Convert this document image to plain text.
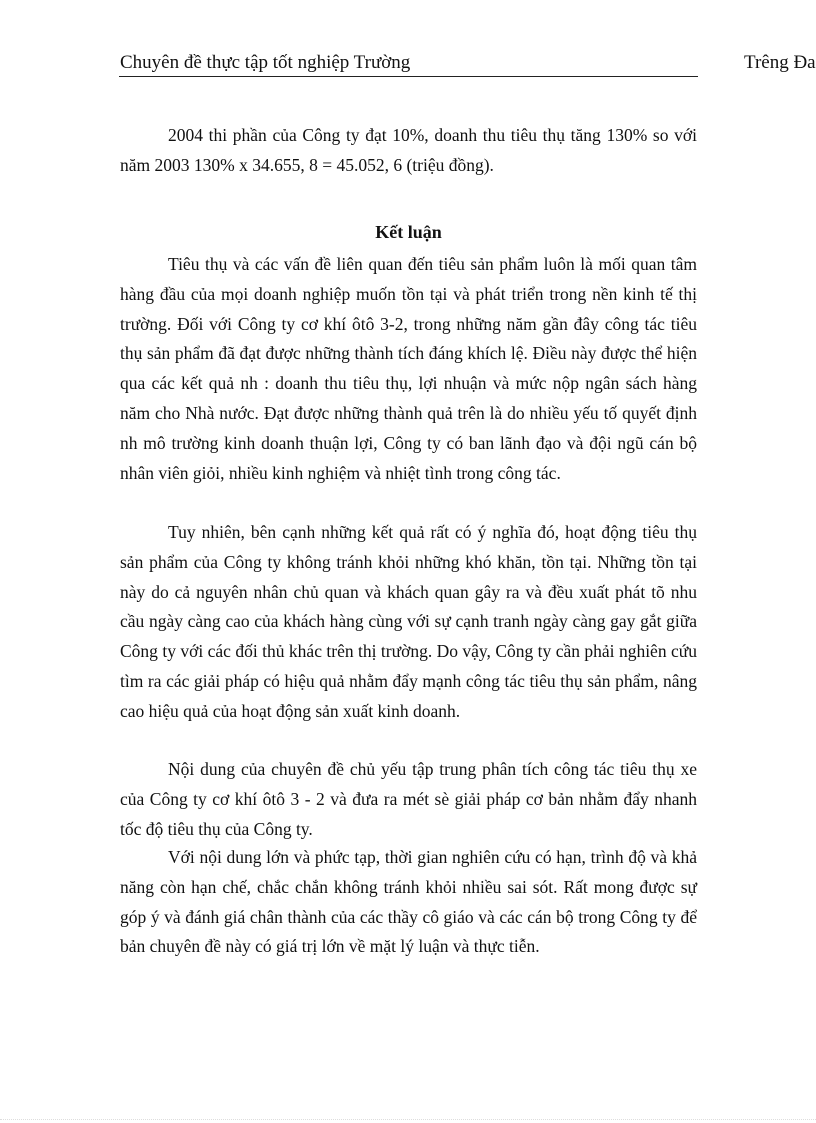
Chuyên đề thực tập tốt nghiệp Trường	Trêng Đa

2004 thi phần của Công ty đạt 10%, doanh thu tiêu thụ tăng 130% so với năm 2003 130% x 34.655, 8 = 45.052, 6 (triệu đồng).

Kết luận

Tiêu thụ và các vấn đề liên quan đến tiêu sản phẩm luôn là mối quan tâm hàng đầu của mọi doanh nghiệp muốn tồn tại và phát triển trong nền kinh tế thị trường. Đối với Công ty cơ khí ôtô 3-2, trong những năm gần đây công tác tiêu thụ sản phẩm đã đạt được những thành tích đáng khích lệ. Điều này được thể hiện qua các kết quả nh : doanh thu tiêu thụ, lợi nhuận và mức nộp ngân sách hàng năm cho Nhà nước. Đạt được những thành quả trên là do nhiều yếu tố quyết định nh mô trường kinh doanh thuận lợi, Công ty có ban lãnh đạo và đội ngũ cán bộ nhân viên giỏi, nhiều kinh nghiệm và nhiệt tình trong công tác.

Tuy nhiên, bên cạnh những kết quả rất có ý nghĩa đó, hoạt động tiêu thụ sản phẩm của Công ty không tránh khỏi những khó khăn, tồn tại. Những tồn tại này do cả nguyên nhân chủ quan và khách quan gây ra và đều xuất phát tõ nhu cầu ngày càng cao của khách hàng cùng với sự cạnh tranh ngày càng gay gắt giữa Công ty với các đối thủ khác trên thị trường. Do vậy, Công ty cần phải nghiên cứu tìm ra các giải pháp có hiệu quả nhằm đẩy mạnh công tác tiêu thụ sản phẩm, nâng cao hiệu quả của hoạt động sản xuất kinh doanh.

Nội dung của chuyên đề chủ yếu tập trung phân tích công tác tiêu thụ xe của Công ty cơ khí ôtô 3 - 2 và đưa ra mét sè giải pháp cơ bản nhằm đẩy nhanh tốc độ tiêu thụ của Công ty.

Với nội dung lớn và phức tạp, thời gian nghiên cứu có hạn, trình độ và khả năng còn hạn chế, chắc chắn không tránh khỏi nhiều sai sót. Rất mong được sự góp ý và đánh giá chân thành của các thầy cô giáo và các cán bộ trong Công ty để bản chuyên đề này có giá trị lớn về mặt lý luận và thực tiễn.
